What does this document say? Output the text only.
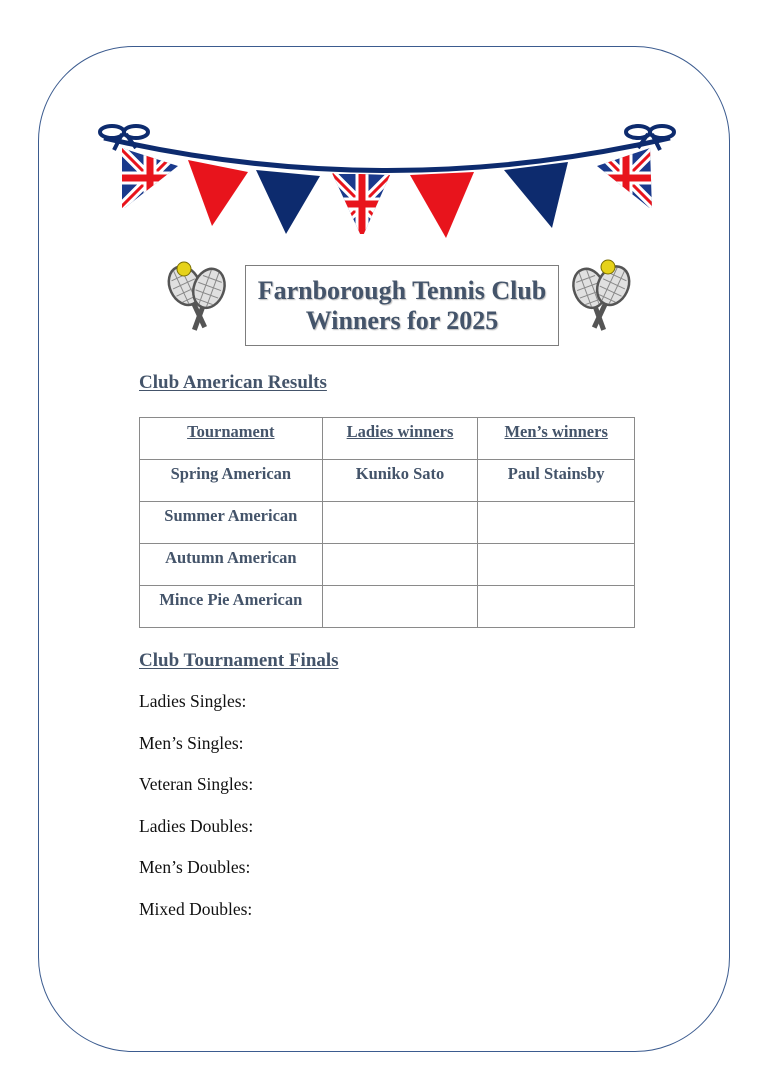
Farnborough Tennis Club
Winners for 2025
Club American Results
Tournament	Ladies winners	Men’s winners
Spring American	Kuniko Sato	Paul Stainsby
Summer American		
Autumn American		
Mince Pie American		
Club Tournament Finals
Ladies Singles:
Men’s Singles:
Veteran Singles:
Ladies Doubles:
Men’s Doubles:
Mixed Doubles:
